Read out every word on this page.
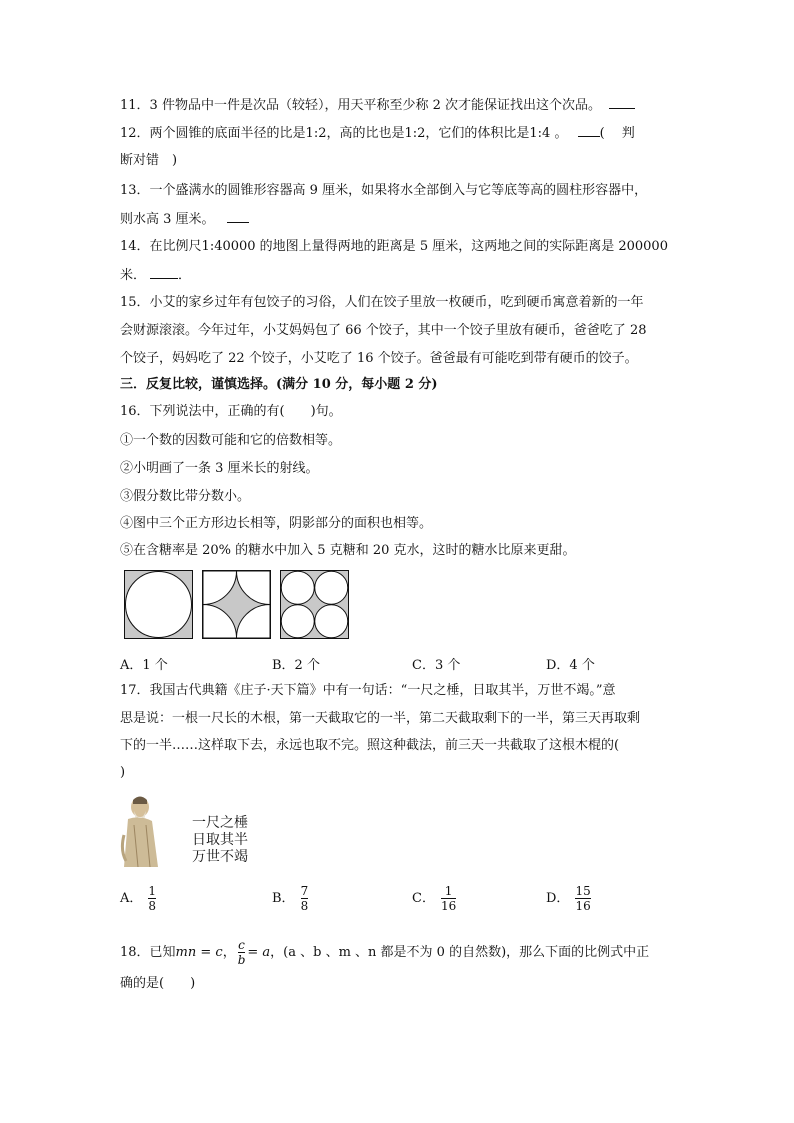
11．3 件物品中一件是次品（较轻），用天平称至少称 2 次才能保证找出这个次品。
12．两个圆锥的底面半径的比是1:2，高的比也是1:2，它们的体积比是1:4 。 (　 判
断对错　)
13．一个盛满水的圆锥形容器高 9 厘米，如果将水全部倒入与它等底等高的圆柱形容器中，
则水高 3 厘米。
14．在比例尺1:40000 的地图上量得两地的距离是 5 厘米，这两地之间的实际距离是 200000
米． ．
15．小艾的家乡过年有包饺子的习俗，人们在饺子里放一枚硬币，吃到硬币寓意着新的一年
会财源滚滚。今年过年，小艾妈妈包了 66 个饺子，其中一个饺子里放有硬币，爸爸吃了 28
个饺子，妈妈吃了 22 个饺子，小艾吃了 16 个饺子。爸爸最有可能吃到带有硬币的饺子。
三．反复比较，谨慎选择。(满分 10 分，每小题 2 分)
16．下列说法中，正确的有(　　)句。
①一个数的因数可能和它的倍数相等。
②小明画了一条 3 厘米长的射线。
③假分数比带分数小。
④图中三个正方形边长相等，阴影部分的面积也相等。
⑤在含糖率是 20% 的糖水中加入 5 克糖和 20 克水，这时的糖水比原来更甜。
A．1 个	B．2 个	C．3 个	D．4 个
17．我国古代典籍《庄子·天下篇》中有一句话：“一尺之棰，日取其半，万世不竭。”意
思是说：一根一尺长的木根，第一天截取它的一半，第二天截取剩下的一半，第三天再取剩
下的一半……这样取下去，永远也取不完。照这种截法，前三天一共截取了这根木棍的(
)
一尺之棰
日取其半
万世不竭
A． $\frac{1}{8}$	B． $\frac{7}{8}$	C． $\frac{1}{16}$	D． $\frac{15}{16}$
18．已知mn = c， $\frac{c}{b} = a$，(a 、b 、m 、n 都是不为 0 的自然数)，那么下面的比例式中正
确的是(　　)
